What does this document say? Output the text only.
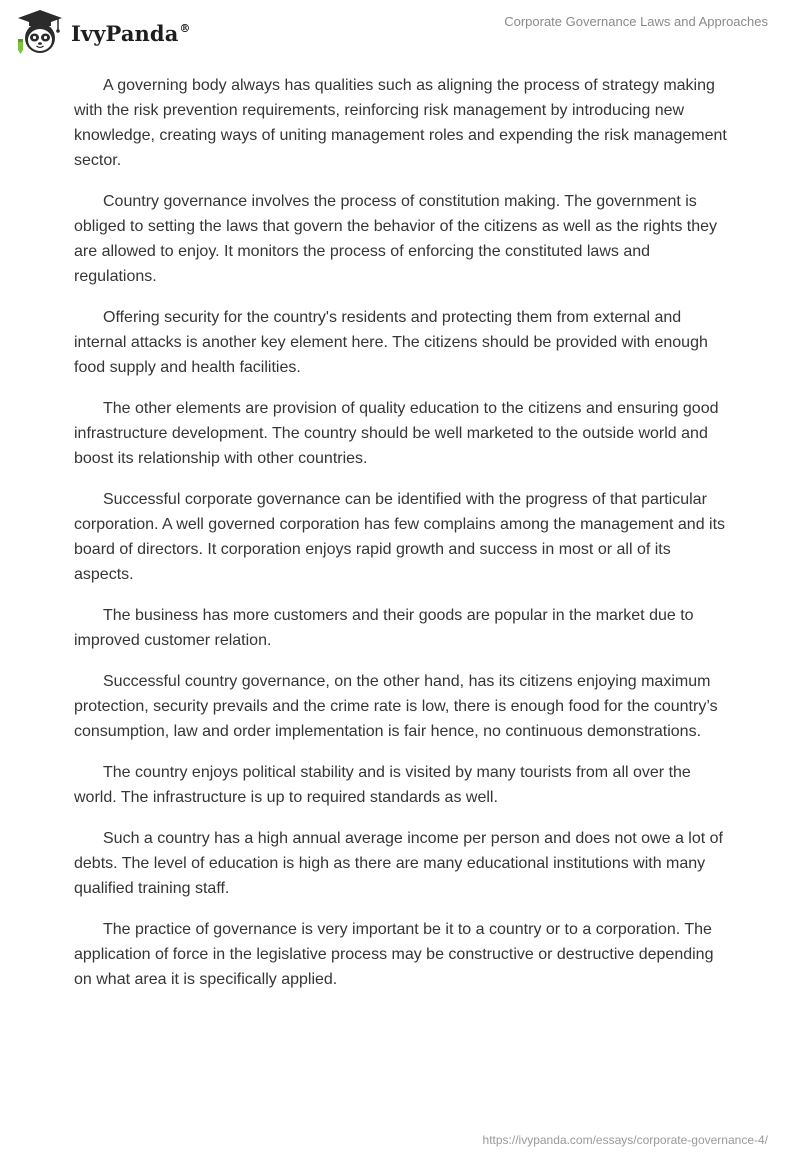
IvyPanda®	Corporate Governance Laws and Approaches

A governing body always has qualities such as aligning the process of strategy making with the risk prevention requirements, reinforcing risk management by introducing new knowledge, creating ways of uniting management roles and expending the risk management sector.

Country governance involves the process of constitution making. The government is obliged to setting the laws that govern the behavior of the citizens as well as the rights they are allowed to enjoy. It monitors the process of enforcing the constituted laws and regulations.

Offering security for the country's residents and protecting them from external and internal attacks is another key element here. The citizens should be provided with enough food supply and health facilities.

The other elements are provision of quality education to the citizens and ensuring good infrastructure development. The country should be well marketed to the outside world and boost its relationship with other countries.

Successful corporate governance can be identified with the progress of that particular corporation. A well governed corporation has few complains among the management and its board of directors. It corporation enjoys rapid growth and success in most or all of its aspects.

The business has more customers and their goods are popular in the market due to improved customer relation.

Successful country governance, on the other hand, has its citizens enjoying maximum protection, security prevails and the crime rate is low, there is enough food for the country’s consumption, law and order implementation is fair hence, no continuous demonstrations.

The country enjoys political stability and is visited by many tourists from all over the world. The infrastructure is up to required standards as well.

Such a country has a high annual average income per person and does not owe a lot of debts. The level of education is high as there are many educational institutions with many qualified training staff.

The practice of governance is very important be it to a country or to a corporation. The application of force in the legislative process may be constructive or destructive depending on what area it is specifically applied.

https://ivypanda.com/essays/corporate-governance-4/
